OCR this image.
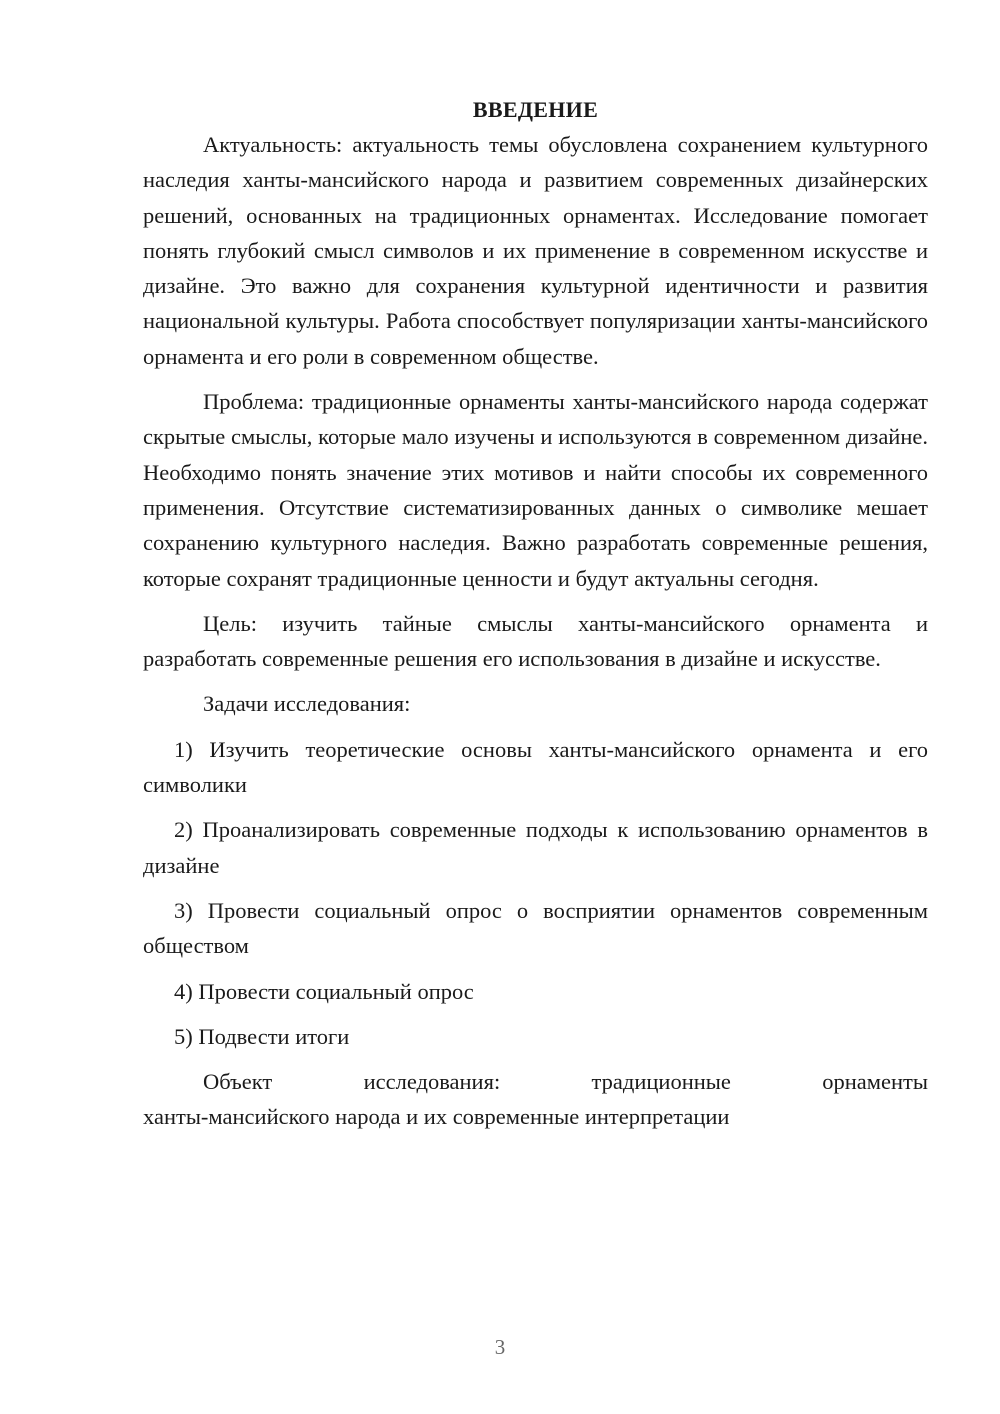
ВВЕДЕНИЕ

Актуальность: актуальность темы обусловлена сохранением культурного наследия ханты-мансийского народа и развитием современных дизайнерских решений, основанных на традиционных орнаментах. Исследование помогает понять глубокий смысл символов и их применение в современном искусстве и дизайне. Это важно для сохранения культурной идентичности и развития национальной культуры. Работа способствует популяризации ханты-мансийского орнамента и его роли в современном обществе.

Проблема: традиционные орнаменты ханты-мансийского народа содержат скрытые смыслы, которые мало изучены и используются в современном дизайне. Необходимо понять значение этих мотивов и найти способы их современного применения. Отсутствие систематизированных данных о символике мешает сохранению культурного наследия. Важно разработать современные решения, которые сохранят традиционные ценности и будут актуальны сегодня.

Цель: изучить тайные смыслы ханты-мансийского орнамента и разработать современные решения его использования в дизайне и искусстве.

Задачи исследования:

1) Изучить теоретические основы ханты-мансийского орнамента и его символики

2) Проанализировать современные подходы к использованию орнаментов в дизайне

3) Провести социальный опрос о восприятии орнаментов современным обществом

4) Провести социальный опрос

5) Подвести итоги

Объект исследования: традиционные орнаменты

ханты-мансийского народа и их современные интерпретации

3
